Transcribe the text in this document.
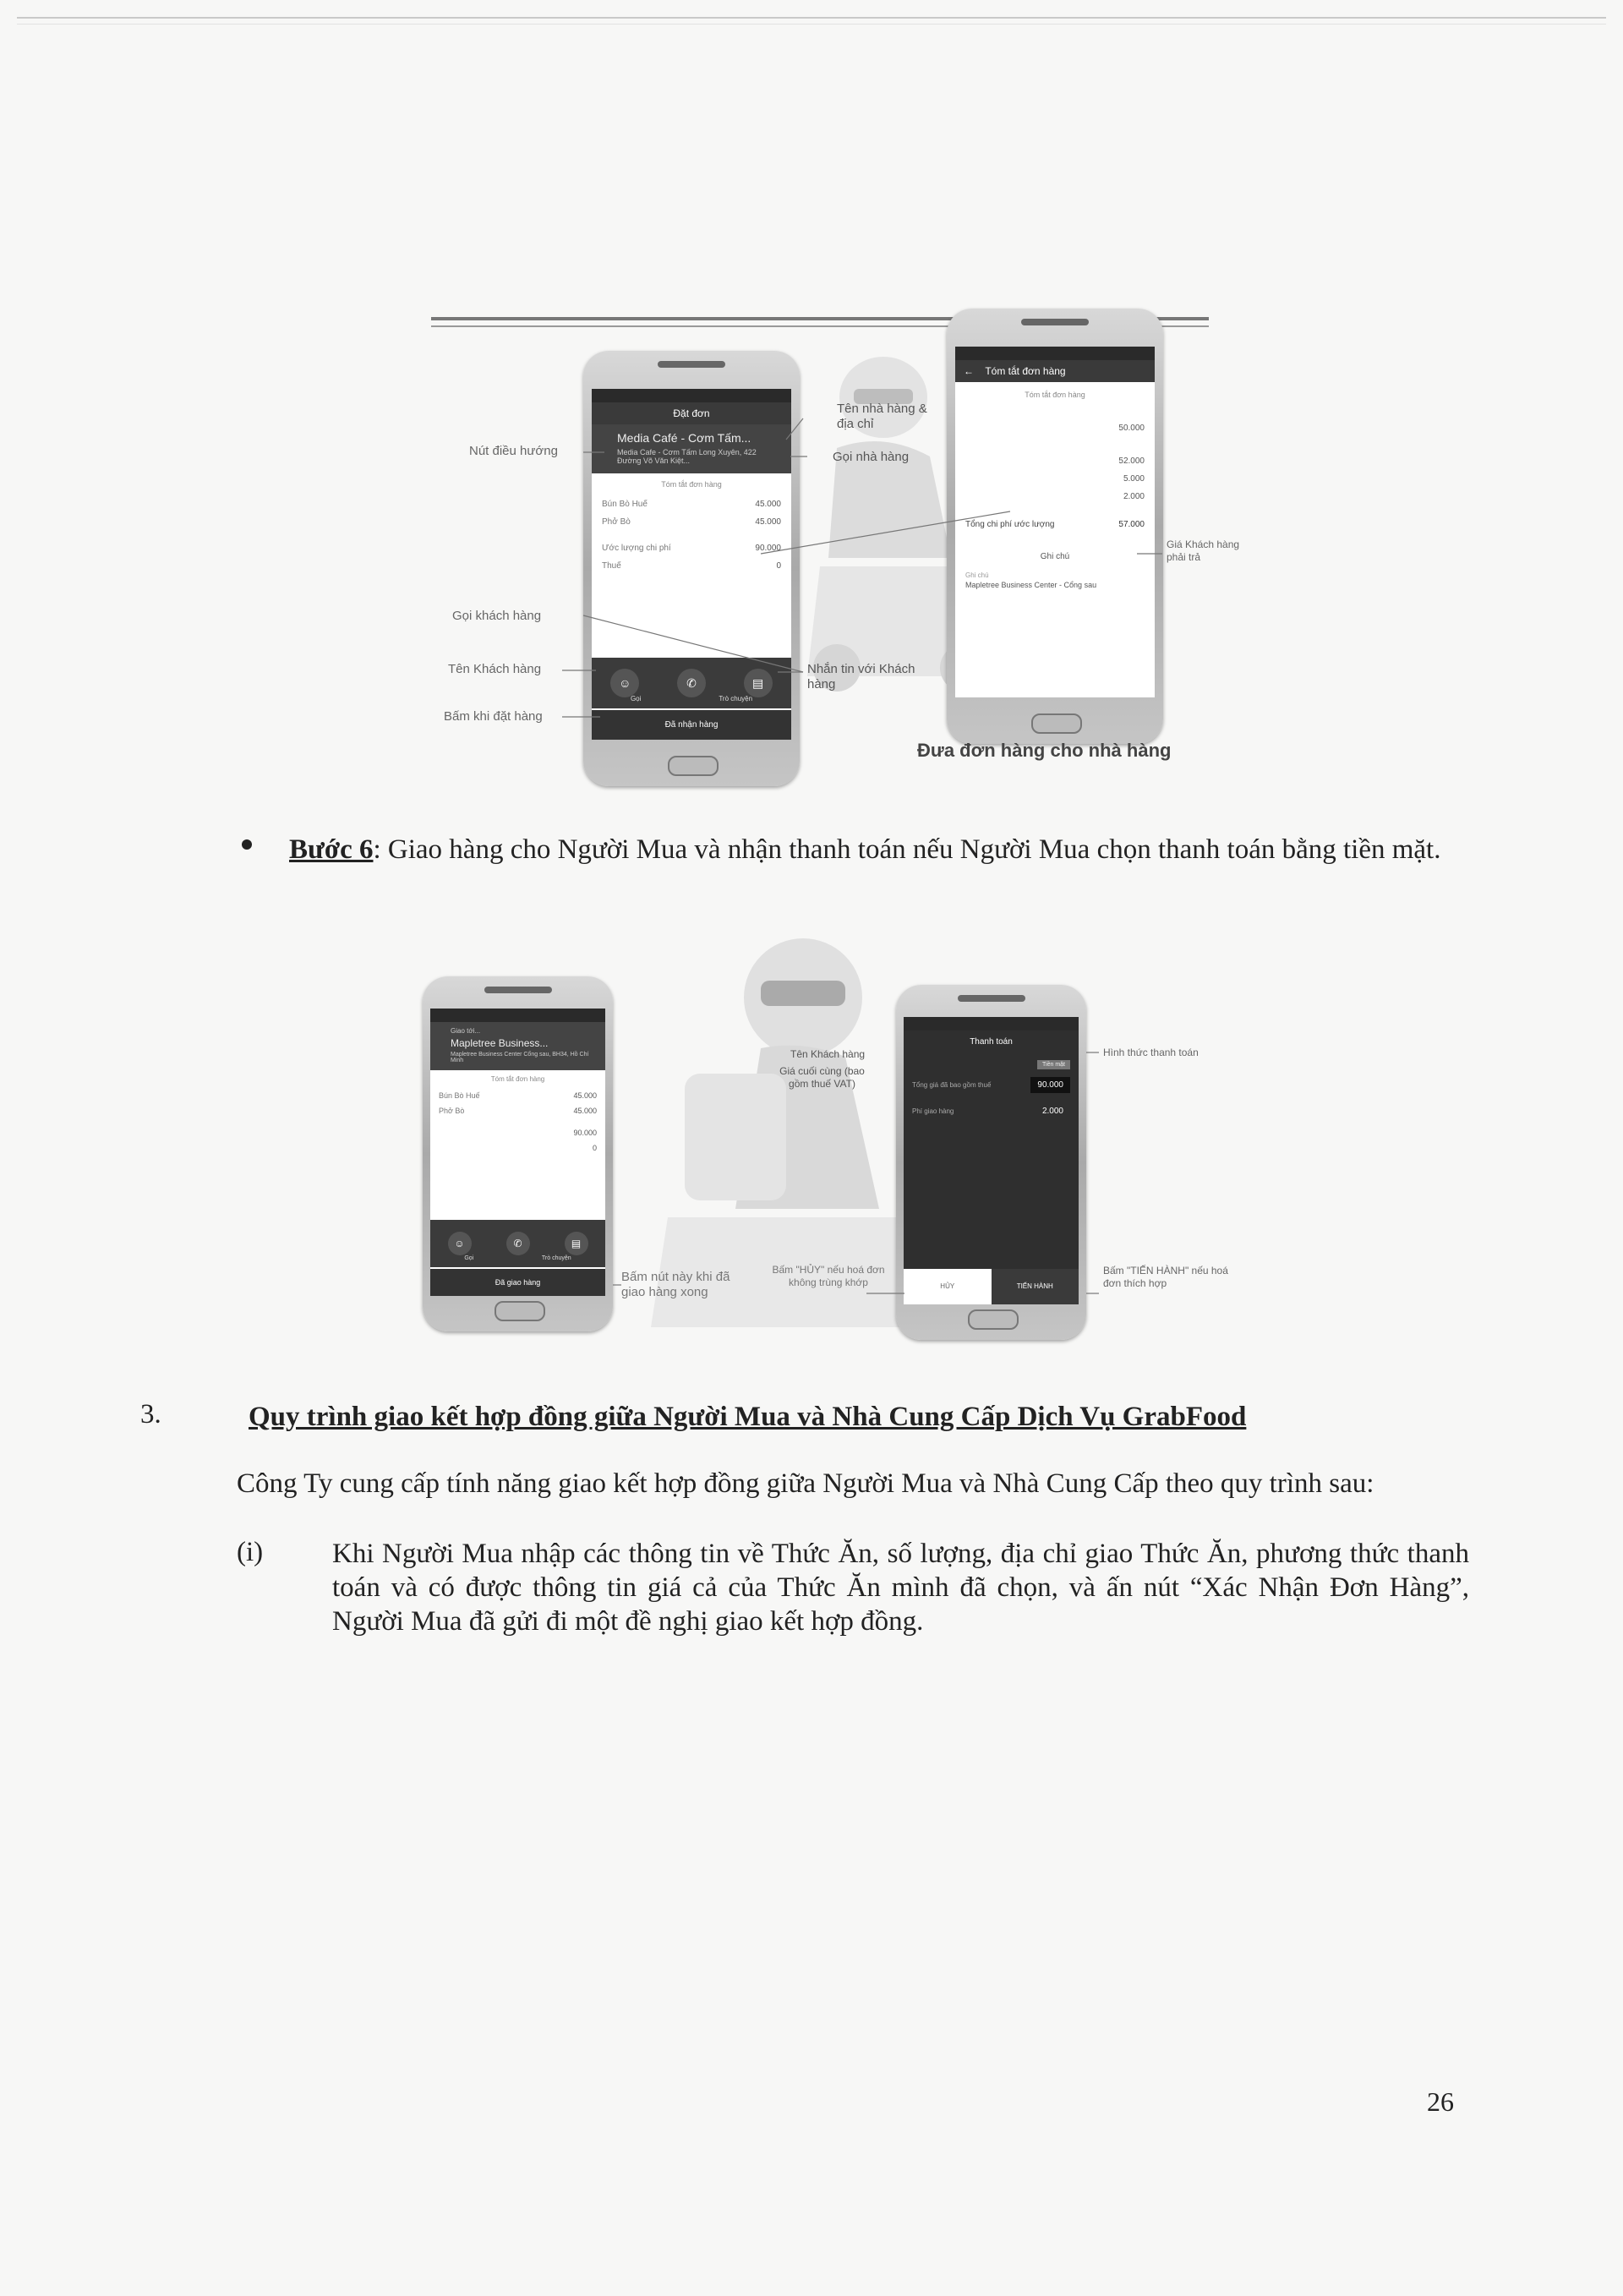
Đặt đơn
Media Café - Cơm Tấm...
Media Cafe - Cơm Tấm Long Xuyên, 422 Đường Võ Văn Kiệt...
Tóm tắt đơn hàng
Bún Bò Huế	45.000
Phở Bò	45.000
Ước lượng chi phí	90.000
Thuế	0
☺	✆	▤
Gọi	Trò chuyện
Đã nhận hàng
← Tóm tắt đơn hàng
Tóm tắt đơn hàng
50.000
52.000
5.000
2.000
Tổng chi phí ước lượng	57.000
Ghi chú
Ghi chú
Mapletree Business Center - Cổng sau
Nút điều hướng
Gọi khách hàng
Tên Khách hàng
Bấm khi đặt hàng
Tên nhà hàng & địa chỉ
Gọi nhà hàng
Nhắn tin với Khách hàng
Giá Khách hàng phải trả
Đưa đơn hàng cho nhà hàng
Bước 6: Giao hàng cho Người Mua và nhận thanh toán nếu Người Mua chọn thanh toán bằng tiền mặt.
Giao tới...
Mapletree Business...
Mapletree Business Center Cổng sau, BH34, Hồ Chí Minh
Tóm tắt đơn hàng
Bún Bò Huế	45.000
Phở Bò	45.000
90.000
0
☺	✆	▤
Gọi	Trò chuyện
Đã giao hàng
Thanh toán
Tiền mặt
Tổng giá đã bao gồm thuế	90.000
Phí giao hàng	2.000
HỦY	TIẾN HÀNH
Hình thức thanh toán
Tên Khách hàng
Giá cuối cùng (bao gồm thuế VAT)
Bấm nút này khi đã giao hàng xong
Bấm "HỦY" nếu hoá đơn không trùng khớp
Bấm "TIẾN HÀNH" nếu hoá đơn thích hợp
3.	Quy trình giao kết hợp đồng giữa Người Mua và Nhà Cung Cấp Dịch Vụ GrabFood
Công Ty cung cấp tính năng giao kết hợp đồng giữa Người Mua và Nhà Cung Cấp theo quy trình sau:
(i) Khi Người Mua nhập các thông tin về Thức Ăn, số lượng, địa chỉ giao Thức Ăn, phương thức thanh toán và có được thông tin giá cả của Thức Ăn mình đã chọn, và ấn nút “Xác Nhận Đơn Hàng”, Người Mua đã gửi đi một đề nghị giao kết hợp đồng.
26
